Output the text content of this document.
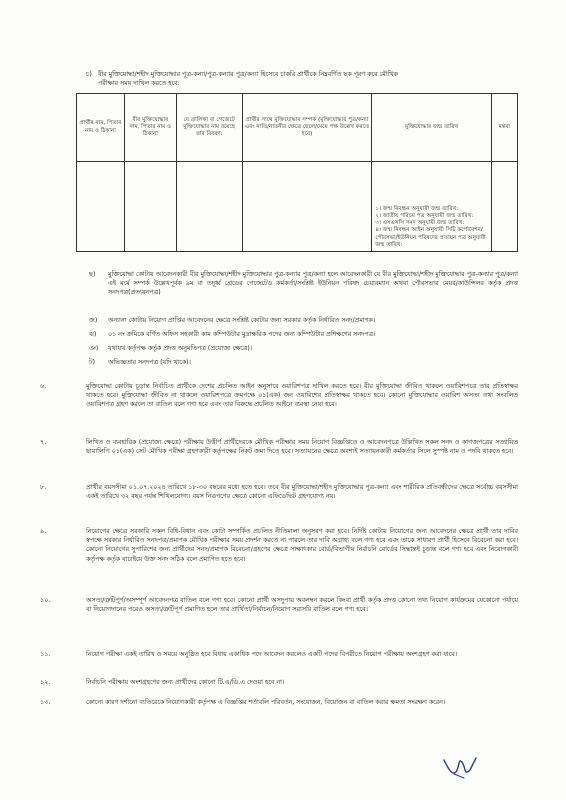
চ)   বীর মুক্তিযোদ্ধা/শহীদ মুক্তিযোদ্ধার পুত্র-কন্যা/পুত্র-কন্যার পুত্র/কন্যা হিসেবে চাকরি প্রার্থীকে নিম্নবর্ণিত ছক পূরণ করে মৌখিক
পরীক্ষার সময় দাখিল করতে হবে:
প্রার্থীর নাম, পিতার নাম ও ঠিকানা	বীর মুক্তিযোদ্ধার নাম, পিতার নাম ও ঠিকানা	যে তালিকা বা গেজেটে মুক্তিযোদ্ধার নাম রয়েছে তার বিবরণ:	প্রার্থীর সাথে মুক্তিযোদ্ধার সম্পর্ক (মুক্তিযোদ্ধার পুত্র/কন্যা এবং নাতি/নাতনীর ক্ষেত্রে ছেলে/মেয়ে পক্ষ উল্লেখ করতে হবে)	মুক্তিযোদ্ধার জন্ম তারিখ	মন্তব্য
				১। জন্ম নিবন্ধন অনুযায়ী জন্ম তারিখ:
২। জাতীয় পরিচয় পত্র অনুযায়ী জন্ম তারিখ:
৩। এসএসসি সনদ অনুযায়ী জন্ম তারিখ:
৪। জন্ম নিবন্ধন আইন অনুযায়ী সিটি কর্পোরেশন/পৌরসভা/ইউনিয়ন পরিষদের প্রত্যয়ন পত্র অনুযায়ী জন্ম তারিখ:	
ছ) মুক্তিযোদ্ধা কোটায় আবেদনকারী বীর মুক্তিযোদ্ধা/শহীদ মুক্তিযোদ্ধার পুত্র-কন্যার পুত্র/কন্যা হলে আবেদনকারী যে বীর মুক্তিযোদ্ধা/শহীদ মুক্তিযোদ্ধার পুত্র-কন্যার পুত্র/কন্যা এই মর্মে সম্পর্ক উল্লেখপূর্বক ৯ম বা তদূর্ধ্ব গ্রেডের গেজেটেড কর্মকর্তা/সংশ্লিষ্ট ইউনিয়ন পরিষদ চেয়ারম্যান অথবা পৌরসভার মেয়র/কাউন্সিলর কর্তৃক প্রদত্ত সনদপত্র(প্রত্যয়নপত্র)
জ) অন্যান্য কোটায় নিয়োগ প্রাপ্তির আবেদনের ক্ষেত্রে সংশ্লিষ্ট কোটার জন্য সরকার কর্তৃক নির্ধারিত সনদ/প্রমাণক।
ঝ) ০১ নং ক্রমিকে বর্ণিত অফিস সহকারী কাম কম্পিউটার মুদ্রাক্ষরিক পদের জন্য কম্পিউটার প্রশিক্ষণের সনদপত্র।
ঞ) যথাযথ কর্তৃপক্ষ কর্তৃক প্রদত্ত অনুমতিপত্র (প্রযোজ্য ক্ষেত্রে)।
ট) অভিজ্ঞতার সনদপত্র (যদি থাকে)।
৬.	মুক্তিযোদ্ধা কোটায় চূড়ান্ত নির্বাচিত প্রার্থীকে দেশের প্রচলিত আইন অনুসারে ওয়ারিশপত্র দাখিল করতে হবে। বীর মুক্তিযোদ্ধা জীবিত থাকলে ওয়ারিশপত্রে তার প্রতিস্বাক্ষর থাকতে হবে। মুক্তিযোদ্ধা জীবিত না থাকলে ওয়ারিশপত্রে ক্রমপক্ষে ০১(এক) জন ওয়ারিশের প্রতিস্বাক্ষর থাকতে হবে। কোনো মুক্তিযোদ্ধার ওয়ারিশ অসত্য তথ্য সংবলিত ওয়ারিশপত্র গ্রহণ করলে তা বাতিল বলে গণ্য হবে এবং তার বিরুদ্ধে প্রচলিত আইনে ব্যবস্থা নেয়া হবে।
৭.	লিখিত ও ব্যবহারিক (প্রযোজ্য ক্ষেত্রে) পরীক্ষায় উত্তীর্ণ প্রার্থীদেরকে মৌখিক পরীক্ষার সময় নিয়োগ বিজ্ঞপ্তিতে ও আবেদনপত্রে উল্লিখিত সকল সনদ ও কাগজপত্রের সত্যায়িত ছায়ালিপি ০১(এক) সেট মৌখিক পরীক্ষা গ্রহণকারী কর্তৃপক্ষের নিকট জমা দিতে হবে। সত্যায়নের ক্ষেত্রে অবশ্যই সত্যায়নকারী কর্মকর্তার সিলে সুস্পষ্ট নাম ও পদবি থাকতে হবে।
৮.	প্রার্থীর বয়সসীমা ০১.০৭.২০২৪ তারিখে ১৮-৩০ বছরের মধ্যে হতে হবে। তবে বীর মুক্তিযোদ্ধা/শহীদ মুক্তিযোদ্ধার পুত্র-কন্যা এবং শারীরিক প্রতিবন্ধীদের ক্ষেত্রে সর্বোচ্চ বয়সসীমা একই তারিখে ৩২ বছর পর্যন্ত শিথিলযোগ্য। বয়স নিরূপণের ক্ষেত্রে কোনো এফিডেভিট গ্রহণযোগ্য নয়।
৯.	নিয়োগের ক্ষেত্রে সরকারি সকল বিধি-বিধান এবং কোটা সম্পর্কিত প্রচলিত নীতিমালা অনুসরণ করা হবে। নির্দিষ্ট কোটায় নিয়োগের জন্য আবেদনের ক্ষেত্রে প্রার্থী তার দাবির স্বপক্ষে সরকার নির্ধারিত সনদপত্র/প্রমাণক মৌখিক পরীক্ষার সময় প্রদর্শন করতে না পারলে তার দাবি অগ্রাহ্য বলে গণ্য হবে এবং তাকে সাধারণ প্রার্থী হিসেবে বিবেচনা করা হবে। কোনো নিয়োগের সুপারিশের জন্য প্রার্থীদের সনদ/প্রমাণক বিবেচনা/গ্রহণের ক্ষেত্রে সাক্ষাৎকার বোর্ড/বিভাগীয় নির্বাচনি বোর্ডের সিদ্ধান্তই চূড়ান্ত বলে গণ্য হবে এবং নিয়োগকারী কর্তৃপক্ষ কর্তৃক যাচাইয়ে উক্ত সনদ সঠিক বলে প্রমাণিত হতে হবে।
১০.	অসত্য/ত্রুটিপূর্ণ/অসম্পূর্ণ আবেদনপত্র বাতিল বলে গণ্য হবে। কোনো প্রার্থী অসদুপায় অবলম্বন করলে কিংবা প্রার্থী কর্তৃক প্রদত্ত কোনো তথ্য নিয়োগ কার্যক্রমের যেকোনো পর্যায়ে বা নিয়োগদানের পরেও অসত্য/ত্রুটিপূর্ণ প্রমাণিত হলে তার প্রার্থিতা/নির্বাচন/নিয়োগ সরাসরি বাতিল বলে গণ্য হবে।
১১.	নিয়োগ পরীক্ষা একই তারিখ ও সময়ে অনুষ্ঠিত হবে বিধায় একাধিক পদে আবেদন করলেও একটি পদের বিপরীতে নিয়োগ পরীক্ষায় অংশগ্রহণ করা যাবে।
১২.	নির্বাচনি পরীক্ষায় অংশগ্রহণের জন্য প্রার্থীদের কোনো টি.এ/ডি.এ দেওয়া হবে না।
১৩.	কোনো কারণ দর্শানো ব্যতিরেকে নিয়োগকারী কর্তৃপক্ষ এ বিজ্ঞপ্তির শর্তাবলি পরিবর্তন, সংযোজন, বিয়োজন বা বাতিল করার ক্ষমতা সংরক্ষণ করেন।
